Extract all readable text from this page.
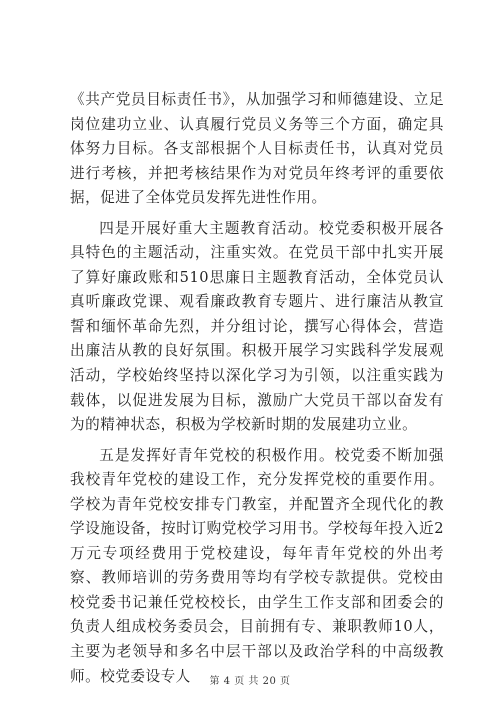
《共产党员目标责任书》，从加强学习和师德建设、立足岗位建功立业、认真履行党员义务等三个方面，确定具体努力目标。各支部根据个人目标责任书，认真对党员进行考核，并把考核结果作为对党员年终考评的重要依据，促进了全体党员发挥先进性作用。

四是开展好重大主题教育活动。校党委积极开展各具特色的主题活动，注重实效。在党员干部中扎实开展了算好廉政账和510思廉日主题教育活动，全体党员认真听廉政党课、观看廉政教育专题片、进行廉洁从教宣誓和缅怀革命先烈，并分组讨论，撰写心得体会，营造出廉洁从教的良好氛围。积极开展学习实践科学发展观活动，学校始终坚持以深化学习为引领，以注重实践为载体，以促进发展为目标，激励广大党员干部以奋发有为的精神状态，积极为学校新时期的发展建功立业。

五是发挥好青年党校的积极作用。校党委不断加强我校青年党校的建设工作，充分发挥党校的重要作用。学校为青年党校安排专门教室，并配置齐全现代化的教学设施设备，按时订购党校学习用书。学校每年投入近2万元专项经费用于党校建设，每年青年党校的外出考察、教师培训的劳务费用等均有学校专款提供。党校由校党委书记兼任党校校长，由学生工作支部和团委会的负责人组成校务委员会，目前拥有专、兼职教师10人，主要为老领导和多名中层干部以及政治学科的中高级教师。校党委设专人	第 4 页 共 20 页
